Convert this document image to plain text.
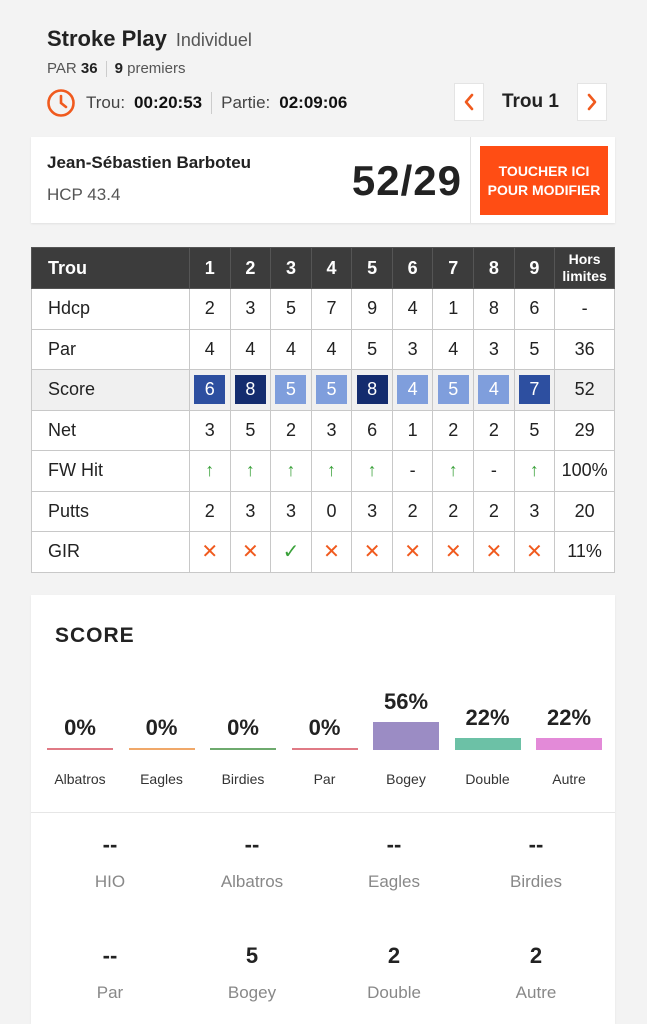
Stroke Play Individuel
PAR
36 9
premiers
Trou: 00:20:53 Partie: 02:09:06	Trou 1
Jean-Sébastien Barboteu
HCP 43.4	52/29	TOUCHER ICI
POUR MODIFIER
Trou	1	2	3	4	5	6	7	8	9	Hors
limites
Hdcp	2	3	5	7	9	4	1	8	6	-
Par	4	4	4	4	5	3	4	3	5	36
Score	6	8	5	5	8	4	5	4	7	52
Net	3	5	2	3	6	1	2	2	5	29
FW Hit	↑	↑	↑	↑	↑	-	↑	-	↑	100%
Putts	2	3	3	0	3	2	2	2	3	20
GIR	✕	✕	✓	✕	✕	✕	✕	✕	✕	11%
SCORE
0%
Albatros
0%
Eagles
0%
Birdies
0%
Par
56%
Bogey
22%
Double
22%
Autre
--
HIO
--
Albatros
--
Eagles
--
Birdies
--
Par
5
Bogey
2
Double
2
Autre
